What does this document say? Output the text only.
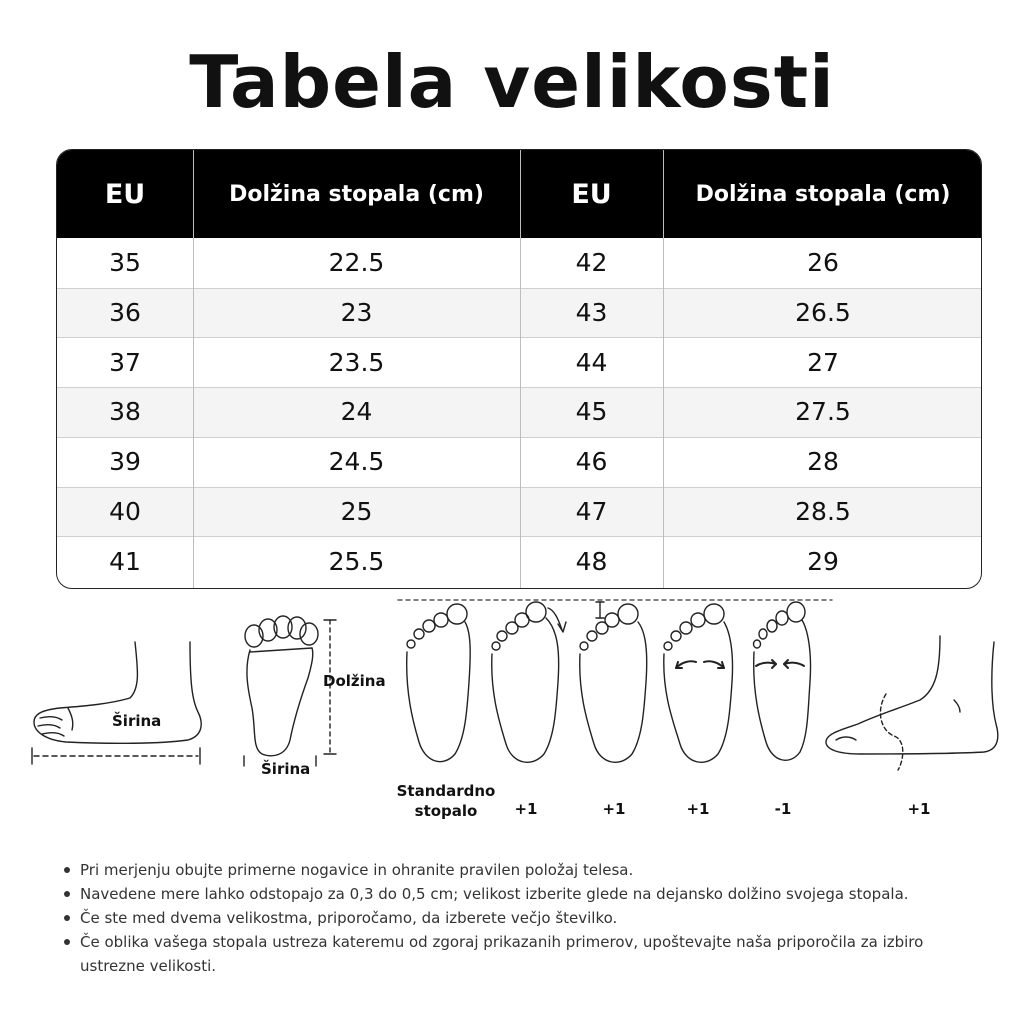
Tabela velikosti
EU	Dolžina stopala (cm)	EU	Dolžina stopala (cm)
35	22.5	42	26
36	23	43	26.5
37	23.5	44	27
38	24	45	27.5
39	24.5	46	28
40	25	47	28.5
41	25.5	48	29
Širina
Dolžina
Širina
Standardno
stopalo +1	+1	+1	-1	+1
Pri merjenju obujte primerne nogavice in ohranite pravilen položaj telesa.
Navedene mere lahko odstopajo za 0,3 do 0,5 cm; velikost izberite glede na dejansko dolžino svojega stopala.
Če ste med dvema velikostma, priporočamo, da izberete večjo številko.
Če oblika vašega stopala ustreza kateremu od zgoraj prikazanih primerov, upoštevajte naša priporočila za izbiro ustrezne velikosti.
